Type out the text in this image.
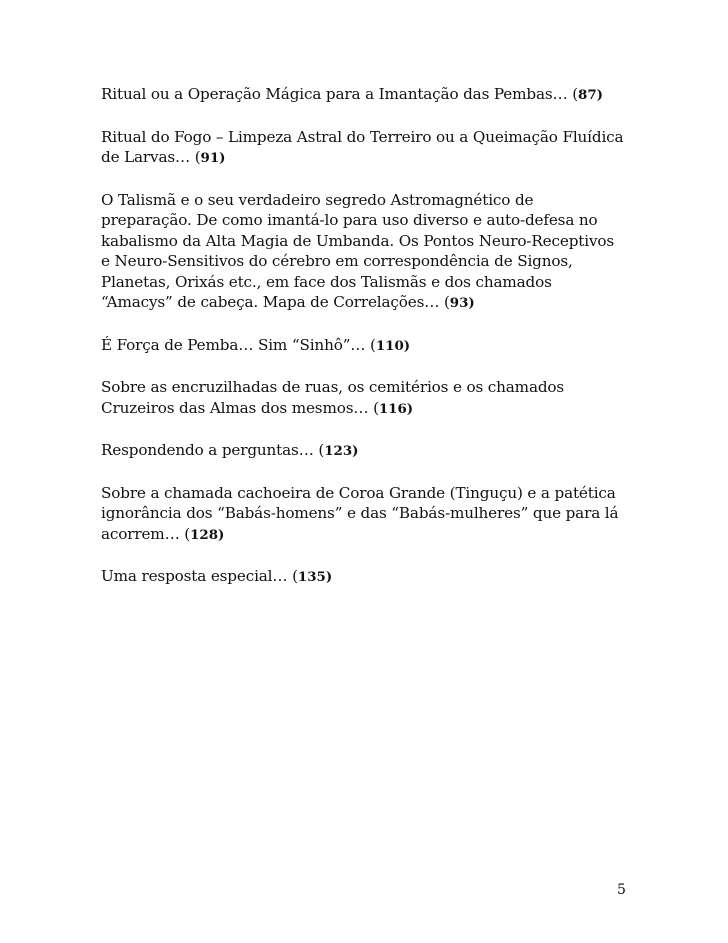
Ritual ou a Operação Mágica para a Imantação das Pembas… (87)

Ritual do Fogo – Limpeza Astral do Terreiro ou a Queimação Fluídica de Larvas… (91)

O Talismã e o seu verdadeiro segredo Astromagnético de preparação. De como imantá-lo para uso diverso e auto-defesa no kabalismo da Alta Magia de Umbanda. Os Pontos Neuro-Receptivos e Neuro-Sensitivos do cérebro em correspondência de Signos, Planetas, Orixás etc., em face dos Talismãs e dos chamados “Amacys” de cabeça. Mapa de Correlações… (93)

É Força de Pemba… Sim “Sinhô”… (110)

Sobre as encruzilhadas de ruas, os cemitérios e os chamados Cruzeiros das Almas dos mesmos… (116)

Respondendo a perguntas… (123)

Sobre a chamada cachoeira de Coroa Grande (Tinguçu) e a patética ignorância dos “Babás-homens” e das “Babás-mulheres” que para lá acorrem… (128)

Uma resposta especial… (135)

5
